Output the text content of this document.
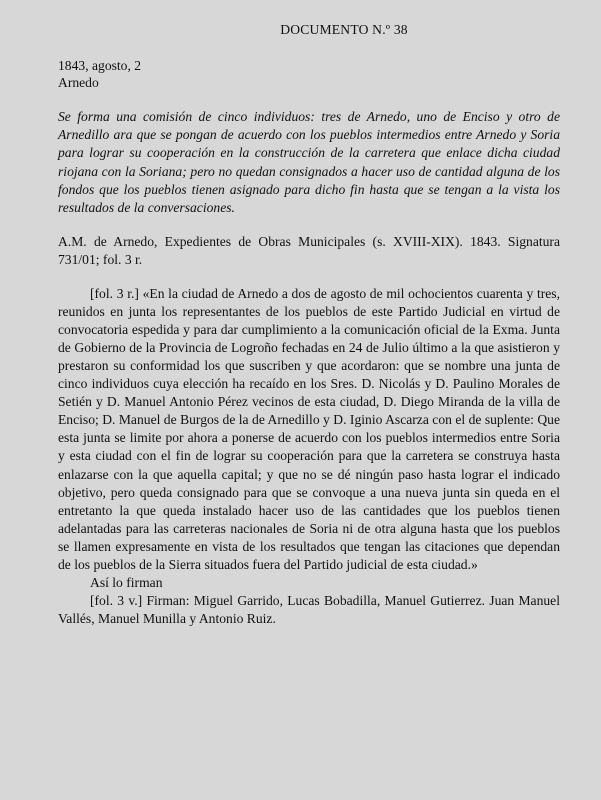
DOCUMENTO N.º 38

1843, agosto, 2

Arnedo

Se forma una comisión de cinco individuos: tres de Arnedo, uno de Enciso y otro de Arnedillo ara que se pongan de acuerdo con los pueblos intermedios entre Arnedo y Soria para lograr su cooperación en la construcción de la carretera que enlace dicha ciudad riojana con la Soriana; pero no quedan consignados a hacer uso de cantidad alguna de los fondos que los pueblos tienen asignado para dicho fin hasta que se tengan a la vista los resultados de la conversaciones.

A.M. de Arnedo, Expedientes de Obras Municipales (s. XVIII-XIX). 1843. Signatura 731/01; fol. 3 r.

[fol. 3 r.] «En la ciudad de Arnedo a dos de agosto de mil ochocientos cuarenta y tres, reunidos en junta los representantes de los pueblos de este Partido Judicial en virtud de convocatoria espedida y para dar cumplimiento a la comunicación oficial de la Exma. Junta de Gobierno de la Provincia de Logroño fechadas en 24 de Julio último a la que asistieron y prestaron su conformidad los que suscriben y que acordaron: que se nombre una junta de cinco individuos cuya elección ha recaído en los Sres. D. Nicolás y D. Paulino Morales de Setién y D. Manuel Antonio Pérez vecinos de esta ciudad, D. Diego Miranda de la villa de Enciso; D. Manuel de Burgos de la de Arnedillo y D. Iginio Ascarza con el de suplente: Que esta junta se limite por ahora a ponerse de acuerdo con los pueblos intermedios entre Soria y esta ciudad con el fin de lograr su cooperación para que la carretera se construya hasta enlazarse con la que aquella capital; y que no se dé ningún paso hasta lograr el indicado objetivo, pero queda consignado para que se convoque a una nueva junta sin queda en el entretanto la que queda instalado hacer uso de las cantidades que los pueblos tienen adelantadas para las carreteras nacionales de Soria ni de otra alguna hasta que los pueblos se llamen expresamente en vista de los resultados que tengan las citaciones que dependan de los pueblos de la Sierra situados fuera del Partido judicial de esta ciudad.»

Así lo firman

[fol. 3 v.] Firman: Miguel Garrido, Lucas Bobadilla, Manuel Gutierrez. Juan Manuel Vallés, Manuel Munilla y Antonio Ruiz.
